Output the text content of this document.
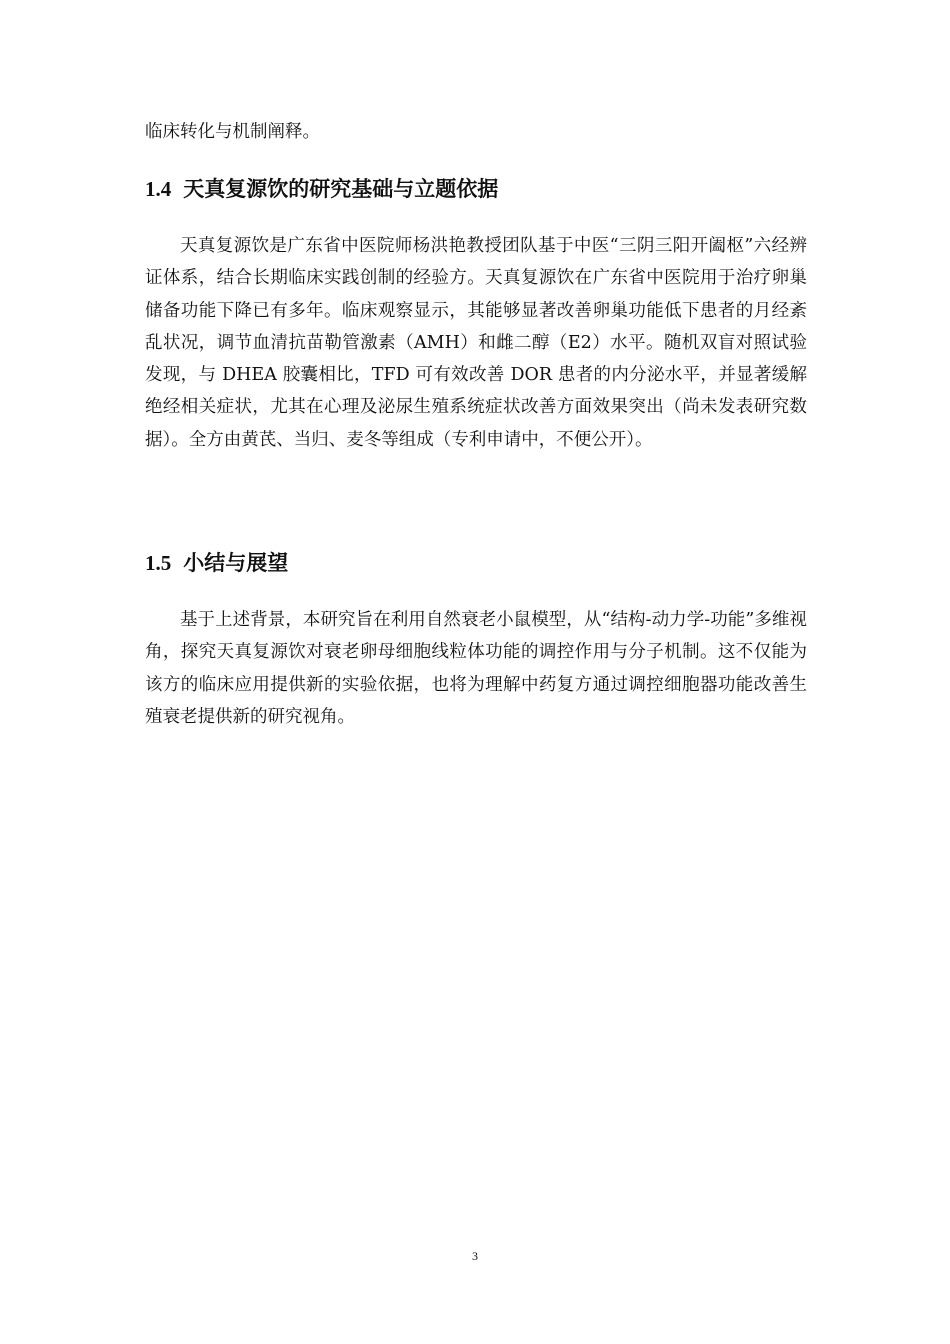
临床转化与机制阐释。

1.4 天真复源饮的研究基础与立题依据

天真复源饮是广东省中医院师杨洪艳教授团队基于中医“三阴三阳开阖枢”六经辨证体系，结合长期临床实践创制的经验方。天真复源饮在广东省中医院用于治疗卵巢储备功能下降已有多年。临床观察显示，其能够显著改善卵巢功能低下患者的月经紊乱状况，调节血清抗苗勒管激素（AMH）和雌二醇（E2）水平。随机双盲对照试验发现，与 DHEA 胶囊相比，TFD 可有效改善 DOR 患者的内分泌水平，并显著缓解绝经相关症状，尤其在心理及泌尿生殖系统症状改善方面效果突出（尚未发表研究数据）。全方由黄芪、当归、麦冬等组成（专利申请中，不便公开）。

1.5 小结与展望

基于上述背景，本研究旨在利用自然衰老小鼠模型，从“结构-动力学-功能”多维视角，探究天真复源饮对衰老卵母细胞线粒体功能的调控作用与分子机制。这不仅能为该方的临床应用提供新的实验依据，也将为理解中药复方通过调控细胞器功能改善生殖衰老提供新的研究视角。

3
